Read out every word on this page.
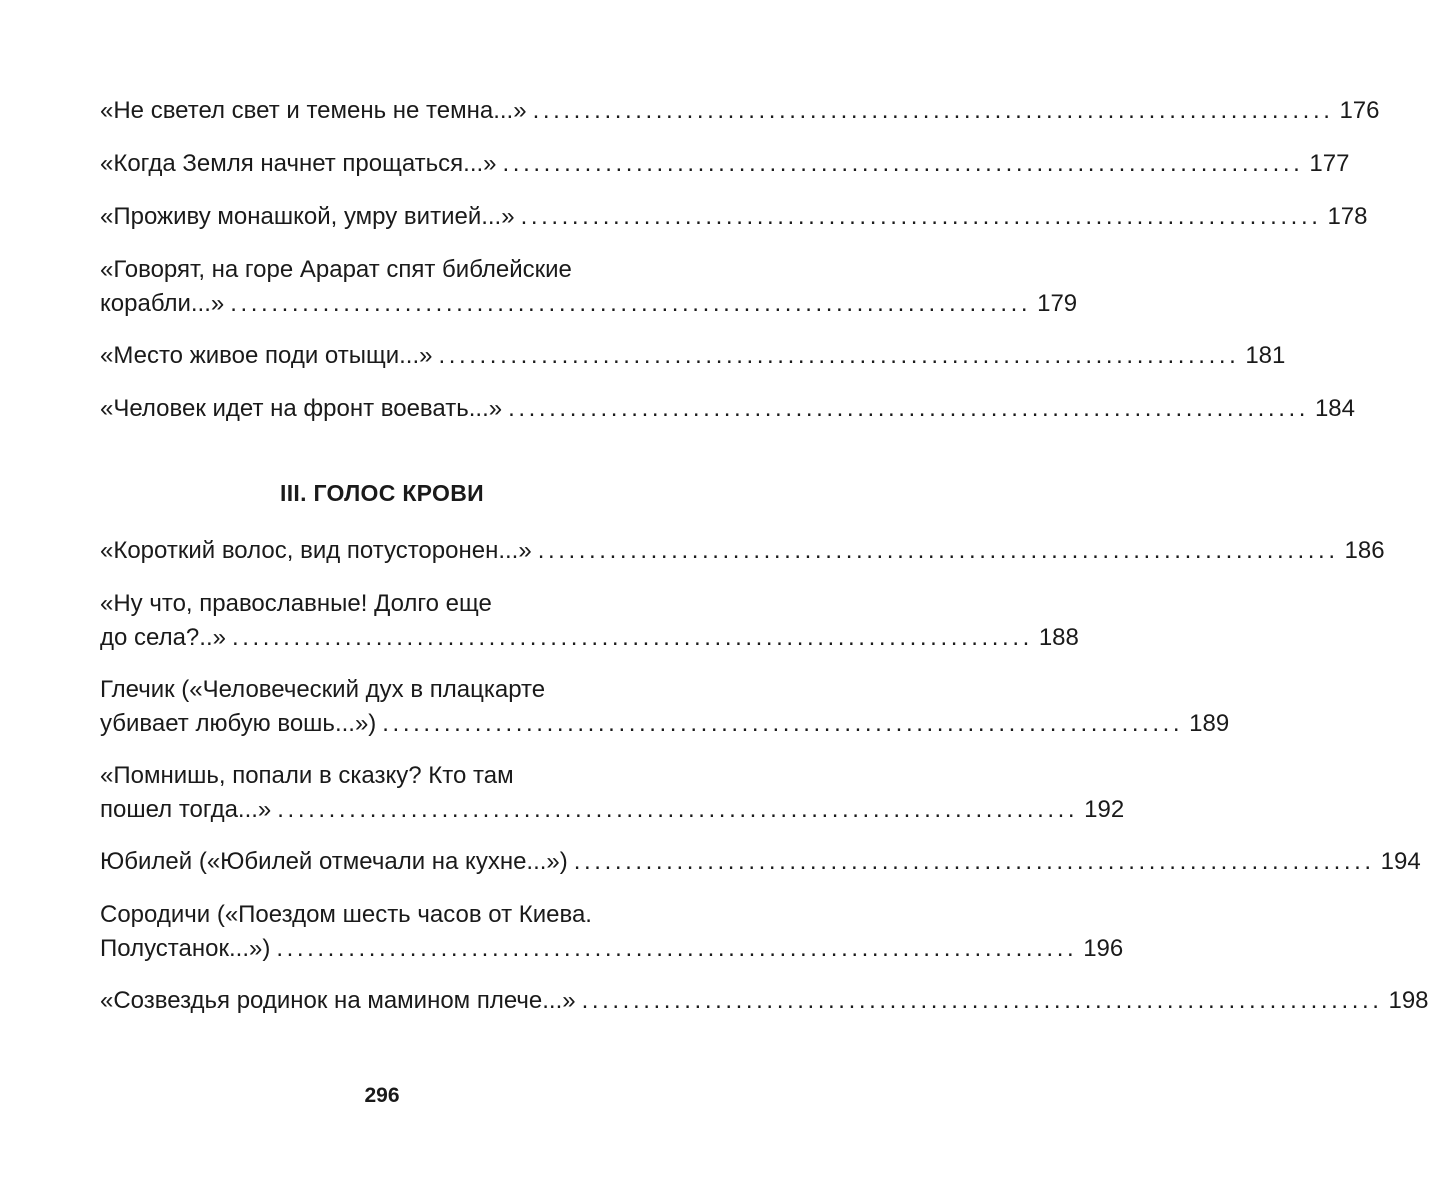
«Не светел свет и темень не темна...» .............................................................................. 176
«Когда Земля начнет прощаться...» .............................................................................. 177
«Проживу монашкой, умру витией...» .............................................................................. 178
«Говорят, на горе Арарат спят библейские
корабли...» .............................................................................. 179
«Место живое поди отыщи...» .............................................................................. 181
«Человек идет на фронт воевать...» .............................................................................. 184
«Короткий волос, вид потусторонен...» .............................................................................. 186
«Ну что, православные! Долго еще
до села?..» .............................................................................. 188
Глечик («Человеческий дух в плацкарте
убивает любую вошь...») .............................................................................. 189
«Помнишь, попали в сказку? Кто там
пошел тогда...» .............................................................................. 192
Юбилей («Юбилей отмечали на кухне...») .............................................................................. 194
Сородичи («Поездом шесть часов от Киева.
Полустанок...») .............................................................................. 196
«Созвездья родинок на мамином плече...» .............................................................................. 198
III. ГОЛОС КРОВИ
296
